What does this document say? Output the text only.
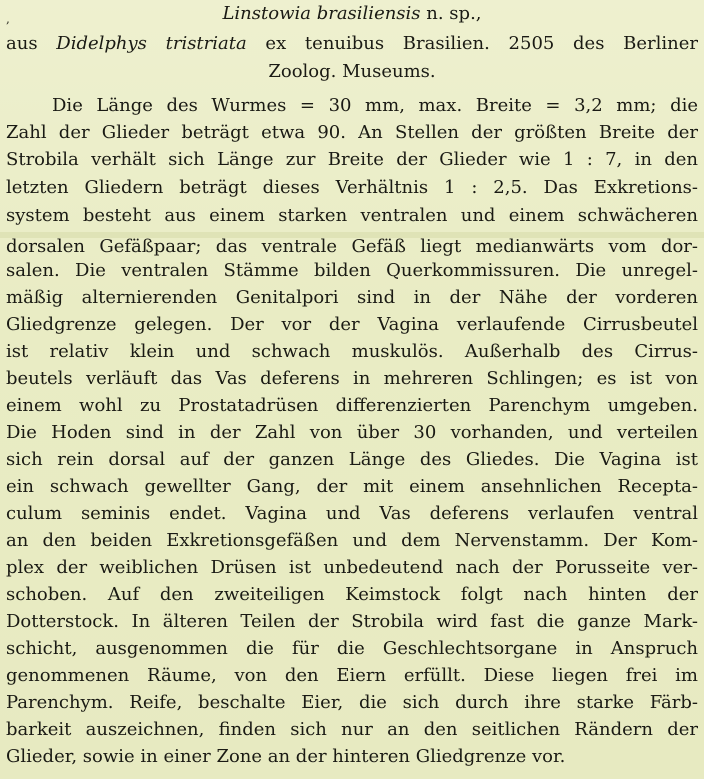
,	Linstowia brasiliensis n. sp.,
aus Didelphys tristriata ex tenuibus Brasilien. 2505 des Berliner
Zoolog. Museums.
Die Länge des Wurmes = 30 mm, max. Breite = 3,2 mm; die
Zahl der Glieder beträgt etwa 90. An Stellen der größten Breite der
Strobila verhält sich Länge zur Breite der Glieder wie 1 : 7, in den
letzten Gliedern beträgt dieses Verhältnis 1 : 2,5. Das Exkretions-
system besteht aus einem starken ventralen und einem schwächeren
dorsalen Gefäßpaar; das ventrale Gefäß liegt medianwärts vom dor-
salen. Die ventralen Stämme bilden Querkommissuren. Die unregel-
mäßig alternierenden Genitalpori sind in der Nähe der vorderen
Gliedgrenze gelegen. Der vor der Vagina verlaufende Cirrusbeutel
ist relativ klein und schwach muskulös. Außerhalb des Cirrus-
beutels verläuft das Vas deferens in mehreren Schlingen; es ist von
einem wohl zu Prostatadrüsen differenzierten Parenchym umgeben.
Die Hoden sind in der Zahl von über 30 vorhanden, und verteilen
sich rein dorsal auf der ganzen Länge des Gliedes. Die Vagina ist
ein schwach gewellter Gang, der mit einem ansehnlichen Recepta-
culum seminis endet. Vagina und Vas deferens verlaufen ventral
an den beiden Exkretionsgefäßen und dem Nervenstamm. Der Kom-
plex der weiblichen Drüsen ist unbedeutend nach der Porusseite ver-
schoben. Auf den zweiteiligen Keimstock folgt nach hinten der
Dotterstock. In älteren Teilen der Strobila wird fast die ganze Mark-
schicht, ausgenommen die für die Geschlechtsorgane in Anspruch
genommenen Räume, von den Eiern erfüllt. Diese liegen frei im
Parenchym. Reife, beschalte Eier, die sich durch ihre starke Färb-
barkeit auszeichnen, finden sich nur an den seitlichen Rändern der
Glieder, sowie in einer Zone an der hinteren Gliedgrenze vor.
